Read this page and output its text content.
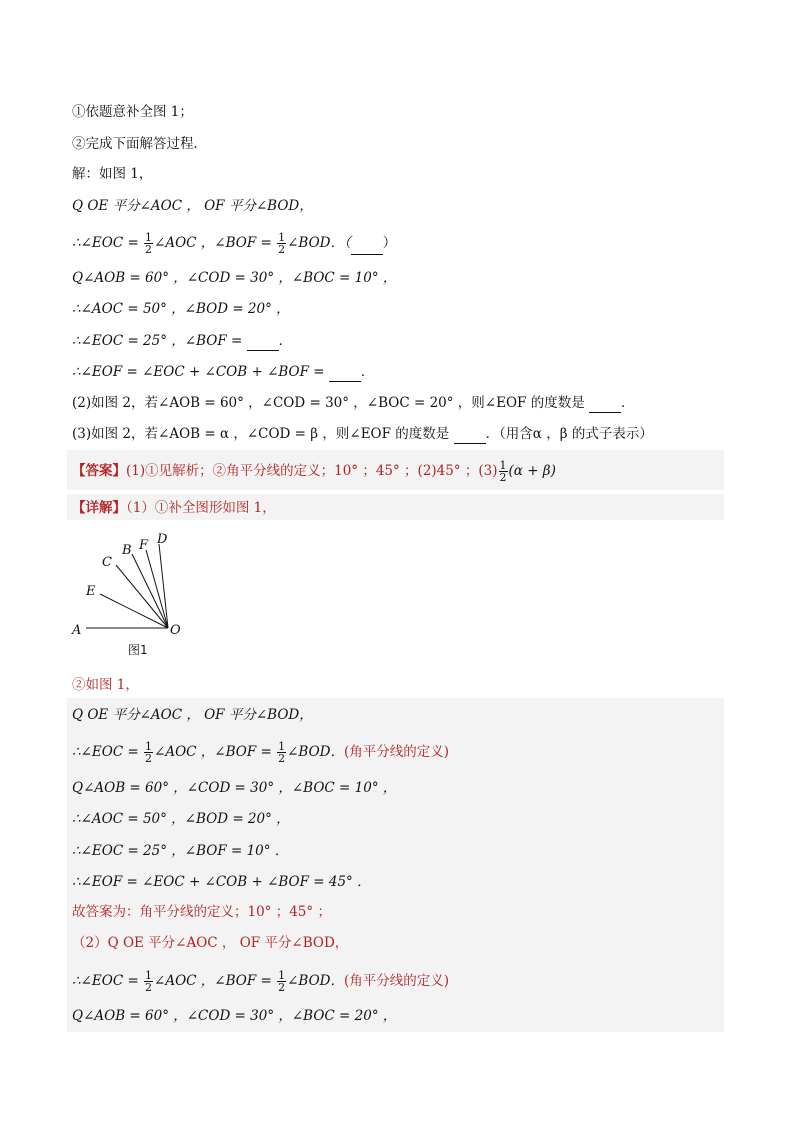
①依题意补全图 1；
②完成下面解答过程．
解：如图 1，
Q OE 平分∠AOC ， OF 平分∠BOD，
∴∠EOC = $\frac{1}{2}$ ∠AOC ，∠BOF = $\frac{1}{2}$ ∠BOD．（ ）
Q∠AOB = 60° ，∠COD = 30° ，∠BOC = 10° ，
∴∠AOC = 50° ，∠BOD = 20° ，
∴∠EOC = 25° ，∠BOF = ．
∴∠EOF = ∠EOC + ∠COB + ∠BOF = ．
(2)如图 2，若∠AOB = 60° ，∠COD = 30° ，∠BOC = 20° ，则∠EOF 的度数是 ．
(3)如图 2，若∠AOB = α ，∠COD = β ，则∠EOF 的度数是 ．（用含α ，β 的式子表示）
【答案】(1)①见解析；②角平分线的定义；10° ；45° ；(2)45° ；$(3) \frac{1}{2} (\alpha + \beta)$
【详解】（1）①补全图形如图 1，
A	O
E
C
B F D
图1
②如图 1，
Q OE 平分∠AOC ， OF 平分∠BOD，
∴∠EOC = $\frac{1}{2}$ ∠AOC ，∠BOF = $\frac{1}{2}$ ∠BOD．(角平分线的定义)
Q∠AOB = 60° ，∠COD = 30° ，∠BOC = 10° ，
∴∠AOC = 50° ，∠BOD = 20° ，
∴∠EOC = 25° ，∠BOF = 10° ．
∴∠EOF = ∠EOC + ∠COB + ∠BOF = 45° ．
故答案为：角平分线的定义；10° ；45° ；
（2）Q OE 平分∠AOC ， OF 平分∠BOD，
∴∠EOC = $\frac{1}{2}$ ∠AOC ，∠BOF = $\frac{1}{2}$ ∠BOD．(角平分线的定义)
Q∠AOB = 60° ，∠COD = 30° ，∠BOC = 20° ，
